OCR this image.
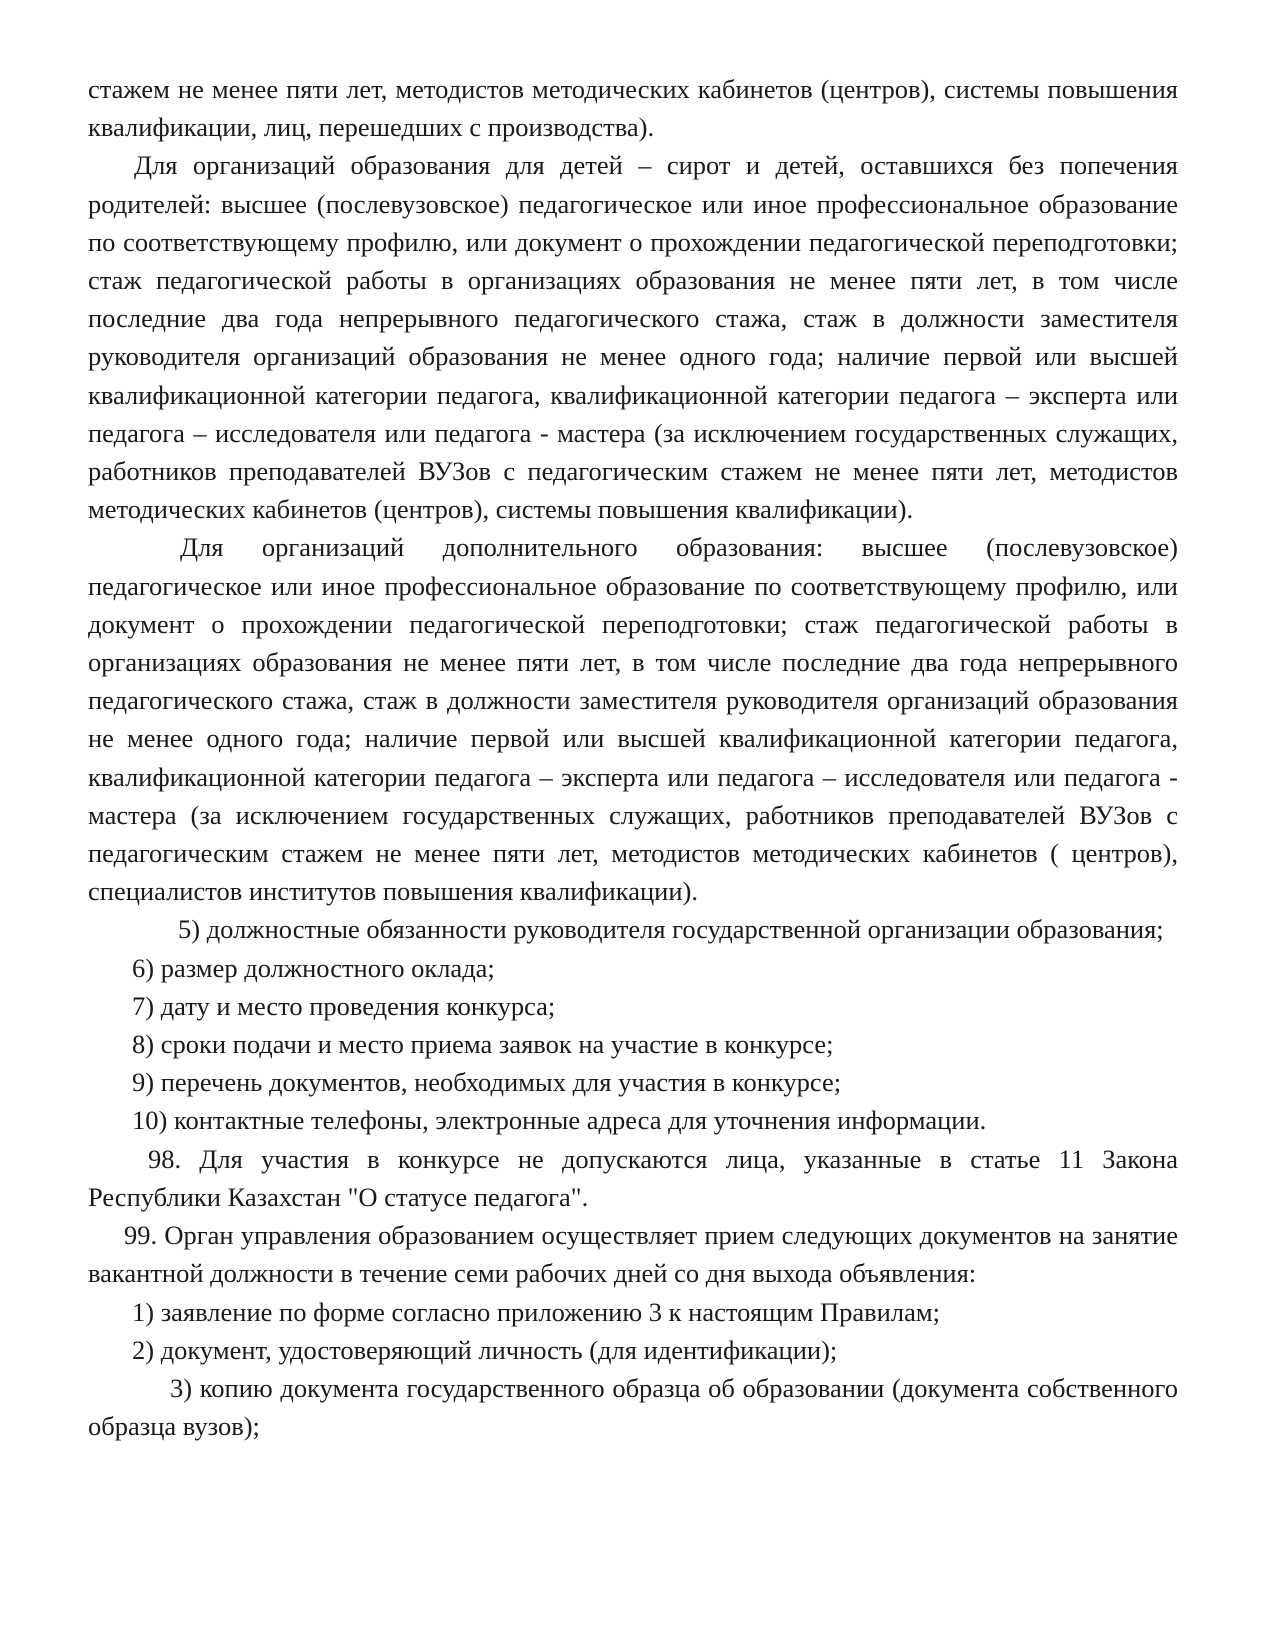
стажем не менее пяти лет, методистов методических кабинетов (центров), системы повышения квалификации, лиц, перешедших с производства).

Для организаций образования для детей – сирот и детей, оставшихся без попечения родителей: высшее (послевузовское) педагогическое или иное профессиональное образование по соответствующему профилю, или документ о прохождении педагогической переподготовки; стаж педагогической работы в организациях образования не менее пяти лет, в том числе последние два года непрерывного педагогического стажа, стаж в должности заместителя руководителя организаций образования не менее одного года; наличие первой или высшей квалификационной категории педагога, квалификационной категории педагога – эксперта или педагога – исследователя или педагога - мастера (за исключением государственных служащих, работников преподавателей ВУЗов с педагогическим стажем не менее пяти лет, методистов методических кабинетов (центров), системы повышения квалификации).

Для организаций дополнительного образования: высшее (послевузовское) педагогическое или иное профессиональное образование по соответствующему профилю, или документ о прохождении педагогической переподготовки; стаж педагогической работы в организациях образования не менее пяти лет, в том числе последние два года непрерывного педагогического стажа, стаж в должности заместителя руководителя организаций образования не менее одного года; наличие первой или высшей квалификационной категории педагога, квалификационной категории педагога – эксперта или педагога – исследователя или педагога - мастера (за исключением государственных служащих, работников преподавателей ВУЗов с педагогическим стажем не менее пяти лет, методистов методических кабинетов ( центров), специалистов институтов повышения квалификации).

5) должностные обязанности руководителя государственной организации образования;

6) размер должностного оклада;

7) дату и место проведения конкурса;

8) сроки подачи и место приема заявок на участие в конкурсе;

9) перечень документов, необходимых для участия в конкурсе;

10) контактные телефоны, электронные адреса для уточнения информации.

98. Для участия в конкурсе не допускаются лица, указанные в статье 11 Закона Республики Казахстан "О статусе педагога".

99. Орган управления образованием осуществляет прием следующих документов на занятие вакантной должности в течение семи рабочих дней со дня выхода объявления:

1) заявление по форме согласно приложению 3 к настоящим Правилам;

2) документ, удостоверяющий личность (для идентификации);

3) копию документа государственного образца об образовании (документа собственного образца вузов);
